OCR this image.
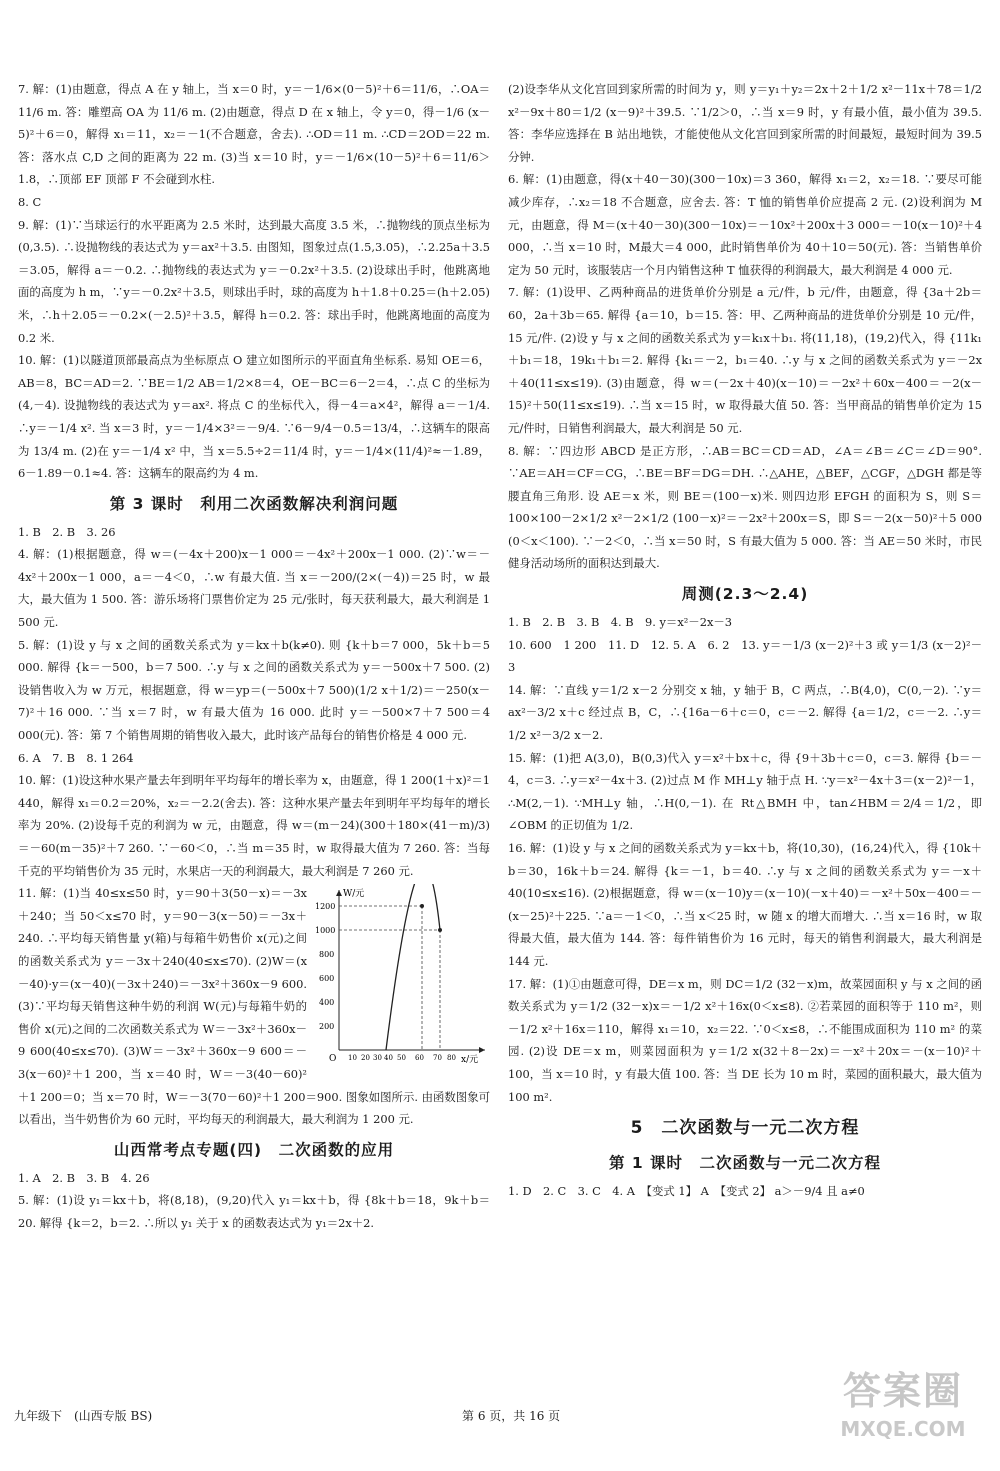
7. 解：(1)由题意，得点 A 在 y 轴上，当 x＝0 时，y＝－1/6×(0－5)²＋6＝11/6，∴OA＝11/6 m. 答：雕塑高 OA 为 11/6 m. (2)由题意，得点 D 在 x 轴上，令 y＝0，得－1/6 (x－5)²＋6＝0，解得 x₁＝11，x₂＝－1(不合题意，舍去). ∴OD＝11 m. ∴CD＝2OD＝22 m. 答：落水点 C,D 之间的距离为 22 m. (3)当 x＝10 时，y＝－1/6×(10－5)²＋6＝11/6＞1.8，∴顶部 EF 顶部 F 不会碰到水柱.

8. C

9. 解：(1)∵当球运行的水平距离为 2.5 米时，达到最大高度 3.5 米，∴抛物线的顶点坐标为(0,3.5). ∴设抛物线的表达式为 y＝ax²＋3.5. 由图知，图象过点(1.5,3.05)，∴2.25a＋3.5＝3.05，解得 a＝－0.2. ∴抛物线的表达式为 y＝－0.2x²＋3.5. (2)设球出手时，他跳离地面的高度为 h m，∵y＝－0.2x²＋3.5，则球出手时，球的高度为 h＋1.8＋0.25＝(h＋2.05)米，∴h＋2.05＝－0.2×(－2.5)²＋3.5，解得 h＝0.2. 答：球出手时，他跳离地面的高度为 0.2 米.

10. 解：(1)以隧道顶部最高点为坐标原点 O 建立如图所示的平面直角坐标系. 易知 OE＝6，AB＝8，BC＝AD＝2. ∵BE＝1/2 AB＝1/2×8＝4，OE－BC＝6－2＝4，∴点 C 的坐标为(4,－4). 设抛物线的表达式为 y＝ax². 将点 C 的坐标代入，得－4＝a×4²，解得 a＝－1/4. ∴y＝－1/4 x². 当 x＝3 时，y＝－1/4×3²＝－9/4. ∵6－9/4－0.5＝13/4，∴这辆车的限高为 13/4 m. (2)在 y＝－1/4 x² 中，当 x＝5.5÷2＝11/4 时，y＝－1/4×(11/4)²≈－1.89，6－1.89－0.1≈4. 答：这辆车的限高约为 4 m.

第 3 课时　利用二次函数解决利润问题

1. B　2. B　3. 26

4. 解：(1)根据题意，得 w＝(－4x＋200)x－1 000＝－4x²＋200x－1 000. (2)∵w＝－4x²＋200x－1 000，a＝－4＜0，∴w 有最大值. 当 x＝－200/(2×(－4))＝25 时，w 最大，最大值为 1 500. 答：游乐场将门票售价定为 25 元/张时，每天获利最大，最大利润是 1 500 元.

5. 解：(1)设 y 与 x 之间的函数关系式为 y＝kx＋b(k≠0). 则 {k＋b＝7 000，5k＋b＝5 000. 解得 {k＝－500，b＝7 500. ∴y 与 x 之间的函数关系式为 y＝－500x＋7 500. (2)设销售收入为 w 万元，根据题意，得 w＝yp＝(－500x＋7 500)(1/2 x＋1/2)＝－250(x－7)²＋16 000. ∵当 x＝7 时，w 有最大值为 16 000. 此时 y＝－500×7＋7 500＝4 000(元). 答：第 7 个销售周期的销售收入最大，此时该产品每台的销售价格是 4 000 元.

6. A　7. B　8. 1 264

10. 解：(1)设这种水果产量去年到明年平均每年的增长率为 x，由题意，得 1 200(1＋x)²＝1 440，解得 x₁＝0.2＝20%，x₂＝－2.2(舍去). 答：这种水果产量去年到明年平均每年的增长率为 20%. (2)设每千克的利润为 w 元，由题意，得 w＝(m－24)(300＋180×(41－m)/3)＝－60(m－35)²＋7 260. ∵－60＜0，∴当 m＝35 时，w 取得最大值为 7 260. 答：当每千克的平均销售价为 35 元时，水果店一天的利润最大，最大利润是 7 260 元.

W/元
x/元
O
1200
1000
800
600
400
200
10 20 30 40 50 60 70 80

11. 解：(1)当 40≤x≤50 时，y＝90＋3(50－x)＝－3x＋240；当 50＜x≤70 时，y＝90－3(x－50)＝－3x＋240. ∴平均每天销售量 y(箱)与每箱牛奶售价 x(元)之间的函数关系式为 y＝－3x＋240(40≤x≤70). (2)W＝(x－40)·y＝(x－40)(－3x＋240)＝－3x²＋360x－9 600. (3)∵平均每天销售这种牛奶的利润 W(元)与每箱牛奶的售价 x(元)之间的二次函数关系式为 W＝－3x²＋360x－9 600(40≤x≤70). (3)W＝－3x²＋360x－9 600＝－3(x－60)²＋1 200，当 x＝40 时，W＝－3(40－60)²＋1 200＝0；当 x＝70 时，W＝－3(70－60)²＋1 200＝900. 图象如图所示. 由函数图象可以看出，当牛奶售价为 60 元时，平均每天的利润最大，最大利润为 1 200 元.

山西常考点专题(四)　二次函数的应用

1. A　2. B　3. B　4. 26

5. 解：(1)设 y₁＝kx＋b，将(8,18)，(9,20)代入 y₁＝kx＋b，得 {8k＋b＝18，9k＋b＝20. 解得 {k＝2，b＝2. ∴所以 y₁ 关于 x 的函数表达式为 y₁＝2x＋2.

(2)设李华从文化宫回到家所需的时间为 y，则 y＝y₁＋y₂＝2x＋2＋1/2 x²－11x＋78＝1/2 x²－9x＋80＝1/2 (x－9)²＋39.5. ∵1/2＞0，∴当 x＝9 时，y 有最小值，最小值为 39.5. 答：李华应选择在 B 站出地铁，才能使他从文化宫回到家所需的时间最短，最短时间为 39.5 分钟.

6. 解：(1)由题意，得(x＋40－30)(300－10x)＝3 360，解得 x₁＝2，x₂＝18. ∵要尽可能减少库存，∴x₂＝18 不合题意，应舍去. 答：T 恤的销售单价应提高 2 元. (2)设利润为 M 元，由题意，得 M＝(x＋40－30)(300－10x)＝－10x²＋200x＋3 000＝－10(x－10)²＋4 000，∴当 x＝10 时，M最大＝4 000，此时销售单价为 40＋10＝50(元). 答：当销售单价定为 50 元时，该服装店一个月内销售这种 T 恤获得的利润最大，最大利润是 4 000 元.

7. 解：(1)设甲、乙两种商品的进货单价分别是 a 元/件，b 元/件，由题意，得 {3a＋2b＝60，2a＋3b＝65. 解得 {a＝10，b＝15. 答：甲、乙两种商品的进货单价分别是 10 元/件，15 元/件. (2)设 y 与 x 之间的函数关系式为 y＝k₁x＋b₁. 将(11,18)，(19,2)代入，得 {11k₁＋b₁＝18，19k₁＋b₁＝2. 解得 {k₁＝－2，b₁＝40. ∴y 与 x 之间的函数关系式为 y＝－2x＋40(11≤x≤19). (3)由题意，得 w＝(－2x＋40)(x－10)＝－2x²＋60x－400＝－2(x－15)²＋50(11≤x≤19). ∴当 x＝15 时，w 取得最大值 50. 答：当甲商品的销售单价定为 15 元/件时，日销售利润最大，最大利润是 50 元.

8. 解：∵四边形 ABCD 是正方形，∴AB＝BC＝CD＝AD，∠A＝∠B＝∠C＝∠D＝90°. ∵AE＝AH＝CF＝CG，∴BE＝BF＝DG＝DH. ∴△AHE，△BEF，△CGF，△DGH 都是等腰直角三角形. 设 AE＝x 米，则 BE＝(100－x)米. 则四边形 EFGH 的面积为 S，则 S＝100×100－2×1/2 x²－2×1/2 (100－x)²＝－2x²＋200x＝S，即 S＝－2(x－50)²＋5 000 (0＜x＜100). ∵－2＜0，∴当 x＝50 时，S 有最大值为 5 000. 答：当 AE＝50 米时，市民健身活动场所的面积达到最大.

周测(2.3～2.4)

1. B　2. B　3. B　4. B　9. y＝x²－2x－3

10. 600　1 200　11. D　12. 5. A　6. 2　13. y＝－1/3 (x－2)²＋3 或 y＝1/3 (x－2)²－3

14. 解：∵直线 y＝1/2 x－2 分别交 x 轴，y 轴于 B，C 两点，∴B(4,0)，C(0,－2). ∵y＝ax²－3/2 x＋c 经过点 B，C，∴{16a－6＋c＝0，c＝－2. 解得 {a＝1/2，c＝－2. ∴y＝1/2 x²－3/2 x－2.

15. 解：(1)把 A(3,0)，B(0,3)代入 y＝x²＋bx＋c，得 {9＋3b＋c＝0，c＝3. 解得 {b＝－4，c＝3. ∴y＝x²－4x＋3. (2)过点 M 作 MH⊥y 轴于点 H. ∵y＝x²－4x＋3＝(x－2)²－1，∴M(2,－1). ∵MH⊥y 轴，∴H(0,－1). 在 Rt△BMH 中，tan∠HBM＝2/4＝1/2，即∠OBM 的正切值为 1/2.

16. 解：(1)设 y 与 x 之间的函数关系式为 y＝kx＋b，将(10,30)，(16,24)代入，得 {10k＋b＝30，16k＋b＝24. 解得 {k＝－1，b＝40. ∴y 与 x 之间的函数关系式为 y＝－x＋40(10≤x≤16). (2)根据题意，得 w＝(x－10)y＝(x－10)(－x＋40)＝－x²＋50x－400＝－(x－25)²＋225. ∵a＝－1＜0，∴当 x＜25 时，w 随 x 的增大而增大. ∴当 x＝16 时，w 取得最大值，最大值为 144. 答：每件销售价为 16 元时，每天的销售利润最大，最大利润是 144 元.

17. 解：(1)①由题意可得，DE＝x m，则 DC＝1/2 (32－x)m，故菜园面积 y 与 x 之间的函数关系式为 y＝1/2 (32－x)x＝－1/2 x²＋16x(0＜x≤8). ②若菜园的面积等于 110 m²，则－1/2 x²＋16x＝110，解得 x₁＝10，x₂＝22. ∵0＜x≤8，∴不能围成面积为 110 m² 的菜园. (2)设 DE＝x m，则菜园面积为 y＝1/2 x(32＋8－2x)＝－x²＋20x＝－(x－10)²＋100，当 x＝10 时，y 有最大值 100. 答：当 DE 长为 10 m 时，菜园的面积最大，最大值为 100 m².

5　二次函数与一元二次方程
第 1 课时　二次函数与一元二次方程

1. D　2. C　3. C　4. A　【变式 1】 A　【变式 2】 a＞－9/4 且 a≠0

九年级下　(山西专版 BS)	第 6 页，共 16 页
答案圈
MXQE.COM
